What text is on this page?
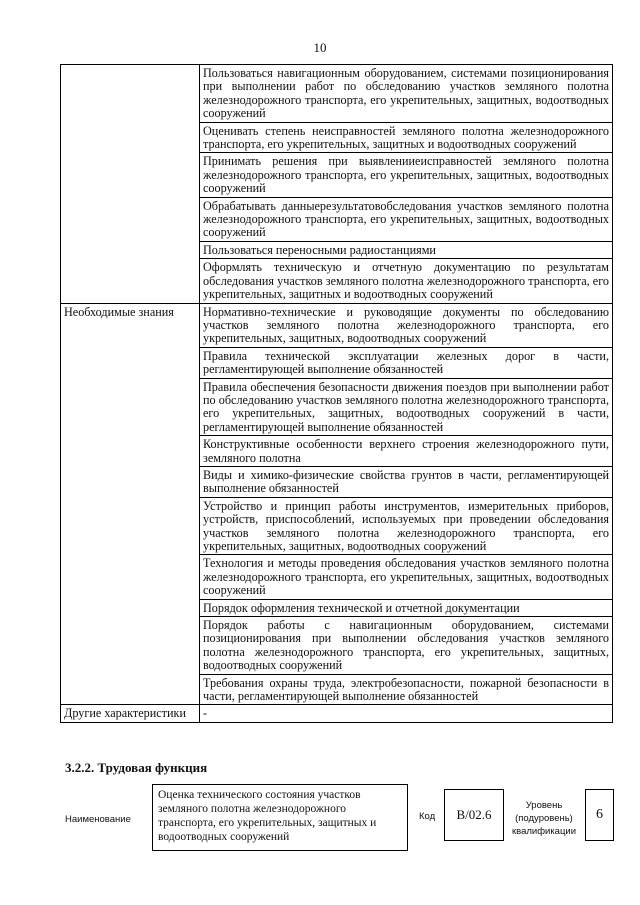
10
	Пользоваться навигационным оборудованием, системами позиционирования при выполнении работ по обследованию участков земляного полотна железнодорожного транспорта, его укрепительных, защитных, водоотводных сооружений
	Оценивать степень неисправностей земляного полотна железнодорожного транспорта, его укрепительных, защитных и водоотводных сооружений
	Принимать решения при выявленииеисправностей земляного полотна железнодорожного транспорта, его укрепительных, защитных, водоотводных сооружений
	Обрабатывать данныерезультатовобследования участков земляного полотна железнодорожного транспорта, его укрепительных, защитных, водоотводных сооружений
	Пользоваться переносными радиостанциями
	Оформлять техническую и отчетную документацию по результатам обследования участков земляного полотна железнодорожного транспорта, его укрепительных, защитных и водоотводных сооружений
Необходимые знания	Нормативно-технические и руководящие документы по обследованию участков земляного полотна железнодорожного транспорта, его укрепительных, защитных, водоотводных сооружений
	Правила технической эксплуатации железных дорог в части, регламентирующей выполнение обязанностей
	Правила обеспечения безопасности движения поездов при выполнении работ по обследованию участков земляного полотна железнодорожного транспорта, его укрепительных, защитных, водоотводных сооружений в части, регламентирующей выполнение обязанностей
	Конструктивные особенности верхнего строения железнодорожного пути, земляного полотна
	Виды и химико-физические свойства грунтов в части, регламентирующей выполнение обязанностей
	Устройство и принцип работы инструментов, измерительных приборов, устройств, приспособлений, используемых при проведении обследования участков земляного полотна железнодорожного транспорта, его укрепительных, защитных, водоотводных сооружений
	Технология и методы проведения обследования участков земляного полотна железнодорожного транспорта, его укрепительных, защитных, водоотводных сооружений
	Порядок оформления технической и отчетной документации
	Порядок работы с навигационным оборудованием, системами позиционирования при выполнении обследования участков земляного полотна железнодорожного транспорта, его укрепительных, защитных, водоотводных сооружений
	Требования охраны труда, электробезопасности, пожарной безопасности в части, регламентирующей выполнение обязанностей
Другие характеристики	-
3.2.2. Трудовая функция
Наименование
Оценка технического состояния участков земляного полотна железнодорожного транспорта, его укрепительных, защитных и водоотводных сооружений
Код	B/02.6
Уровень (подуровень) квалификации
6
